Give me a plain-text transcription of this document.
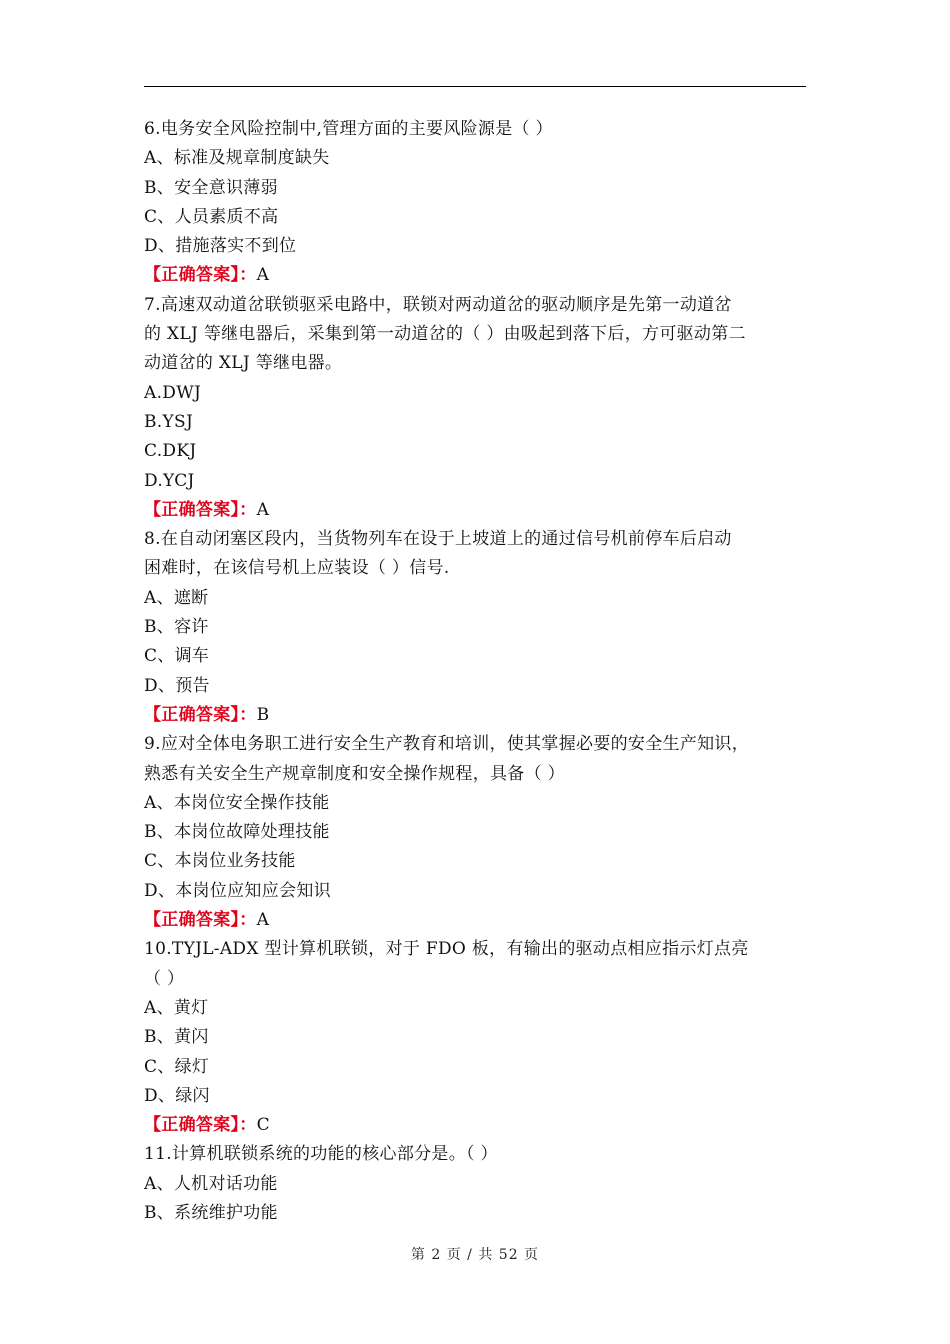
6.电务安全风险控制中,管理方面的主要风险源是（ ）
A、标准及规章制度缺失
B、安全意识薄弱
C、人员素质不高
D、措施落实不到位
【正确答案】：A
7.高速双动道岔联锁驱采电路中，联锁对两动道岔的驱动顺序是先第一动道岔
的 XLJ 等继电器后，采集到第一动道岔的（ ）由吸起到落下后，方可驱动第二
动道岔的 XLJ 等继电器。
A.DWJ
B.YSJ
C.DKJ
D.YCJ
【正确答案】：A
8.在自动闭塞区段内，当货物列车在设于上坡道上的通过信号机前停车后启动
困难时，在该信号机上应装设（ ）信号.
A、遮断
B、容许
C、调车
D、预告
【正确答案】：B
9.应对全体电务职工进行安全生产教育和培训，使其掌握必要的安全生产知识，
熟悉有关安全生产规章制度和安全操作规程，具备（ ）
A、本岗位安全操作技能
B、本岗位故障处理技能
C、本岗位业务技能
D、本岗位应知应会知识
【正确答案】：A
10.TYJL-ADX 型计算机联锁，对于 FDO 板，有输出的驱动点相应指示灯点亮
（ ）
A、黄灯
B、黄闪
C、绿灯
D、绿闪
【正确答案】：C
11.计算机联锁系统的功能的核心部分是。（ ）
A、人机对话功能
B、系统维护功能
第 2 页 / 共 52 页
